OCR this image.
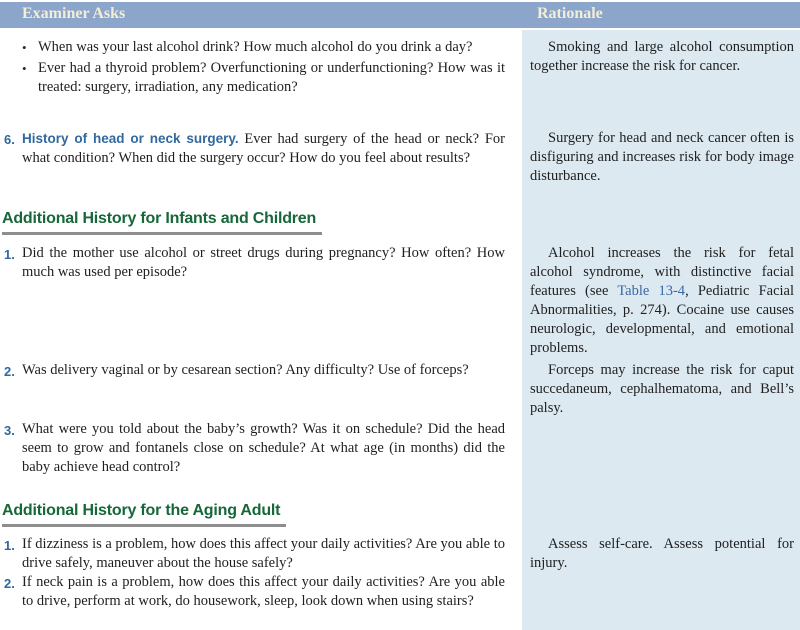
Examiner Asks	Rationale
• When was your last alcohol drink? How much alcohol do you drink a day?
• Ever had a thyroid problem? Overfunctioning or underfunctioning? How was it treated: surgery, irradiation, any medication?
6. History of head or neck surgery. Ever had surgery of the head or neck? For what condition? When did the surgery occur? How do you feel about results?
Additional History for Infants and Children
1. Did the mother use alcohol or street drugs during pregnancy? How often? How much was used per episode?
2. Was delivery vaginal or by cesarean section? Any difficulty? Use of forceps?
3. What were you told about the baby’s growth? Was it on schedule? Did the head seem to grow and fontanels close on schedule? At what age (in months) did the baby achieve head control?
Additional History for the Aging Adult
1. If dizziness is a problem, how does this affect your daily activities? Are you able to drive safely, maneuver about the house safely?
2. If neck pain is a problem, how does this affect your daily activities? Are you able to drive, perform at work, do housework, sleep, look down when using stairs?
Smoking and large alcohol consumption together increase the risk for cancer.
Surgery for head and neck cancer often is disfiguring and increases risk for body image disturbance.
Alcohol increases the risk for fetal alcohol syndrome, with distinctive facial features (see Table 13-4, Pediatric Facial Abnormalities, p. 274). Cocaine use causes neurologic, developmental, and emotional problems.
Forceps may increase the risk for caput succedaneum, cephalhematoma, and Bell’s palsy.
Assess self-care. Assess potential for injury.
